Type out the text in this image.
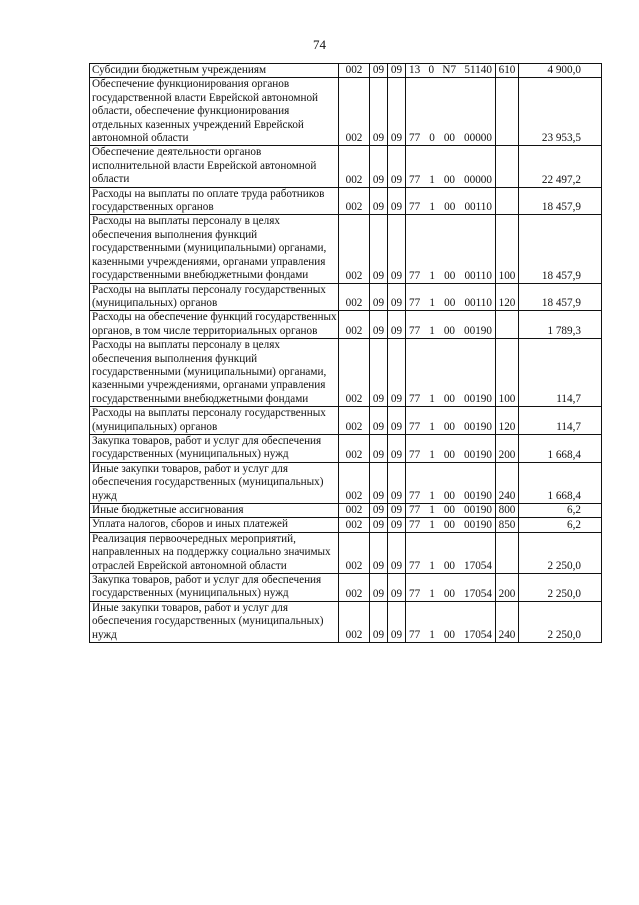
74
Субсидии бюджетным учреждениям	002	09	09	13 0 N7 51140	610	4 900,0
Обеспечение функционирования органов государственной власти Еврейской автономной области, обеспечение функционирования отдельных казенных учреждений Еврейской автономной области	002	09	09	77 0 00 00000		23 953,5
Обеспечение деятельности органов исполнительной власти Еврейской автономной области	002	09	09	77 1 00 00000		22 497,2
Расходы на выплаты по оплате труда работников государственных органов	002	09	09	77 1 00 00110		18 457,9
Расходы на выплаты персоналу в целях обеспечения выполнения функций государственными (муниципальными) органами, казенными учреждениями, органами управления государственными внебюджетными фондами	002	09	09	77 1 00 00110	100	18 457,9
Расходы на выплаты персоналу государственных (муниципальных) органов	002	09	09	77 1 00 00110	120	18 457,9
Расходы на обеспечение функций государственных органов, в том числе территориальных органов	002	09	09	77 1 00 00190		1 789,3
Расходы на выплаты персоналу в целях обеспечения выполнения функций государственными (муниципальными) органами, казенными учреждениями, органами управления государственными внебюджетными фондами	002	09	09	77 1 00 00190	100	114,7
Расходы на выплаты персоналу государственных (муниципальных) органов	002	09	09	77 1 00 00190	120	114,7
Закупка товаров, работ и услуг для обеспечения государственных (муниципальных) нужд	002	09	09	77 1 00 00190	200	1 668,4
Иные закупки товаров, работ и услуг для обеспечения государственных (муниципальных) нужд	002	09	09	77 1 00 00190	240	1 668,4
Иные бюджетные ассигнования	002	09	09	77 1 00 00190	800	6,2
Уплата налогов, сборов и иных платежей	002	09	09	77 1 00 00190	850	6,2
Реализация первоочередных мероприятий, направленных на поддержку социально значимых отраслей Еврейской автономной области	002	09	09	77 1 00 17054		2 250,0
Закупка товаров, работ и услуг для обеспечения государственных (муниципальных) нужд	002	09	09	77 1 00 17054	200	2 250,0
Иные закупки товаров, работ и услуг для обеспечения государственных (муниципальных) нужд	002	09	09	77 1 00 17054	240	2 250,0
